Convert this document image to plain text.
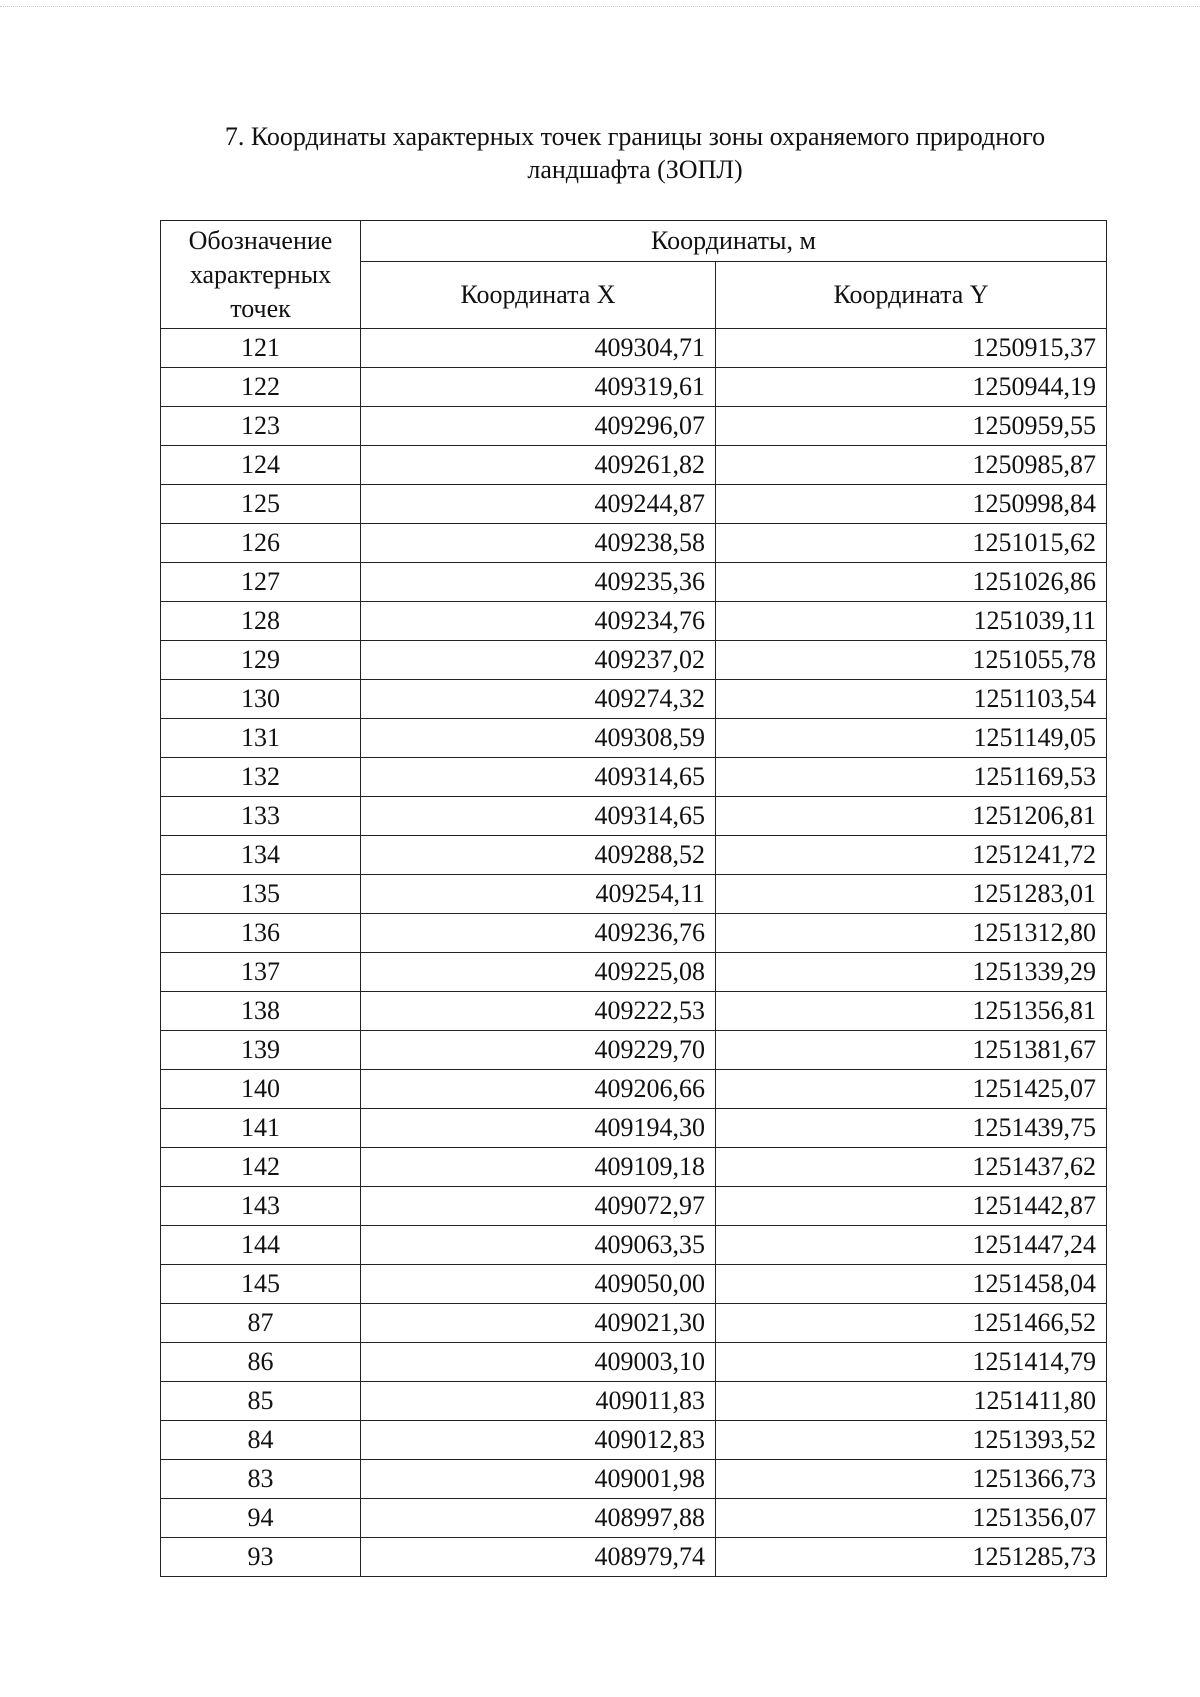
7. Координаты характерных точек границы зоны охраняемого природного
ландшафта (ЗОПЛ)
Обозначение характерных точек	Координаты, м	
	Координата X	Координата Y
121	409304,71	1250915,37
122	409319,61	1250944,19
123	409296,07	1250959,55
124	409261,82	1250985,87
125	409244,87	1250998,84
126	409238,58	1251015,62
127	409235,36	1251026,86
128	409234,76	1251039,11
129	409237,02	1251055,78
130	409274,32	1251103,54
131	409308,59	1251149,05
132	409314,65	1251169,53
133	409314,65	1251206,81
134	409288,52	1251241,72
135	409254,11	1251283,01
136	409236,76	1251312,80
137	409225,08	1251339,29
138	409222,53	1251356,81
139	409229,70	1251381,67
140	409206,66	1251425,07
141	409194,30	1251439,75
142	409109,18	1251437,62
143	409072,97	1251442,87
144	409063,35	1251447,24
145	409050,00	1251458,04
87	409021,30	1251466,52
86	409003,10	1251414,79
85	409011,83	1251411,80
84	409012,83	1251393,52
83	409001,98	1251366,73
94	408997,88	1251356,07
93	408979,74	1251285,73
